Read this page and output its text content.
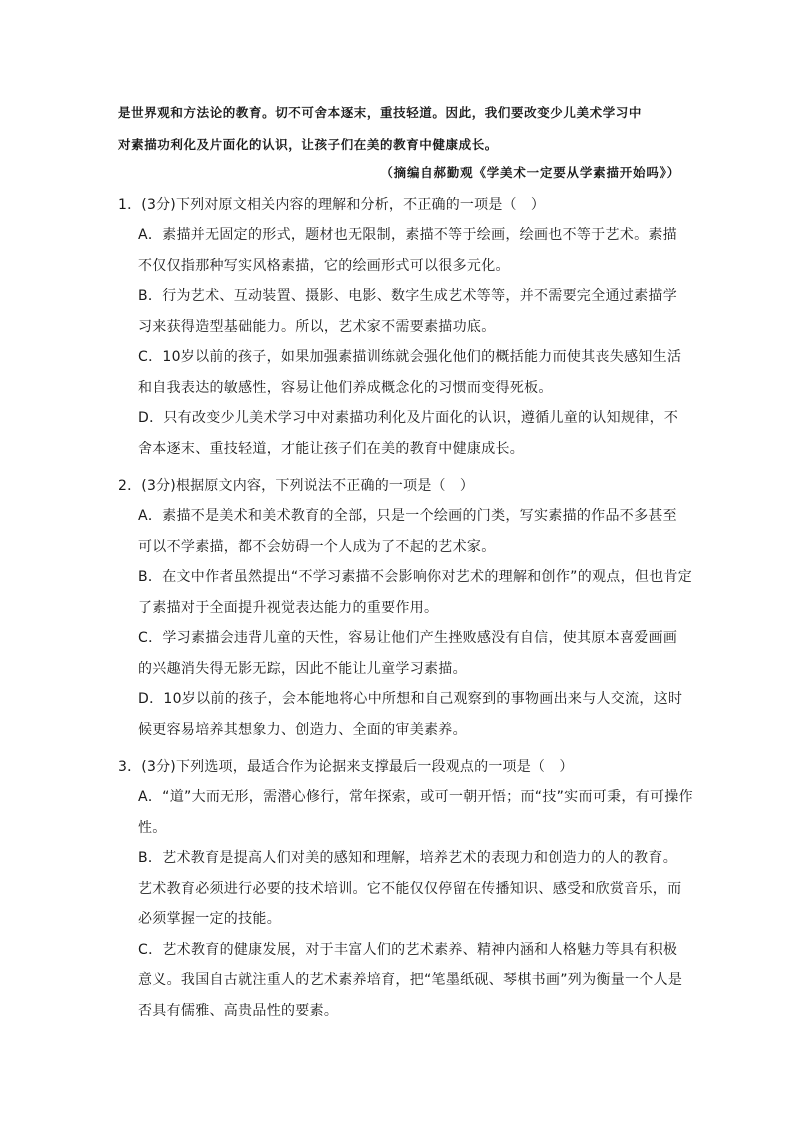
是世界观和方法论的教育。切不可舍本逐末，重技轻道。因此，我们要改变少儿美术学习中

对素描功利化及片面化的认识，让孩子们在美的教育中健康成长。

（摘编自郝勤观《学美术一定要从学素描开始吗》）
1．(3分)下列对原文相关内容的理解和分析，不正确的一项是（　）

A．素描并无固定的形式，题材也无限制，素描不等于绘画，绘画也不等于艺术。素描

不仅仅指那种写实风格素描，它的绘画形式可以很多元化。

B．行为艺术、互动装置、摄影、电影、数字生成艺术等等，并不需要完全通过素描学

习来获得造型基础能力。所以，艺术家不需要素描功底。

C．10岁以前的孩子，如果加强素描训练就会强化他们的概括能力而使其丧失感知生活

和自我表达的敏感性，容易让他们养成概念化的习惯而变得死板。

D．只有改变少儿美术学习中对素描功利化及片面化的认识，遵循儿童的认知规律，不

舍本逐末、重技轻道，才能让孩子们在美的教育中健康成长。

2．(3分)根据原文内容，下列说法不正确的一项是（　）

A．素描不是美术和美术教育的全部，只是一个绘画的门类，写实素描的作品不多甚至

可以不学素描，都不会妨碍一个人成为了不起的艺术家。

B．在文中作者虽然提出“不学习素描不会影响你对艺术的理解和创作”的观点，但也肯定

了素描对于全面提升视觉表达能力的重要作用。

C．学习素描会违背儿童的天性，容易让他们产生挫败感没有自信，使其原本喜爱画画

的兴趣消失得无影无踪，因此不能让儿童学习素描。

D．10岁以前的孩子，会本能地将心中所想和自己观察到的事物画出来与人交流，这时

候更容易培养其想象力、创造力、全面的审美素养。

3．(3分)下列选项，最适合作为论据来支撑最后一段观点的一项是（　）

A．“道”大而无形，需潜心修行，常年探索，或可一朝开悟；而“技”实而可秉，有可操作

性。

B．艺术教育是提高人们对美的感知和理解，培养艺术的表现力和创造力的人的教育。

艺术教育必须进行必要的技术培训。它不能仅仅停留在传播知识、感受和欣赏音乐，而

必须掌握一定的技能。

C．艺术教育的健康发展，对于丰富人们的艺术素养、精神内涵和人格魅力等具有积极

意义。我国自古就注重人的艺术素养培育，把“笔墨纸砚、琴棋书画”列为衡量一个人是

否具有儒雅、高贵品性的要素。
